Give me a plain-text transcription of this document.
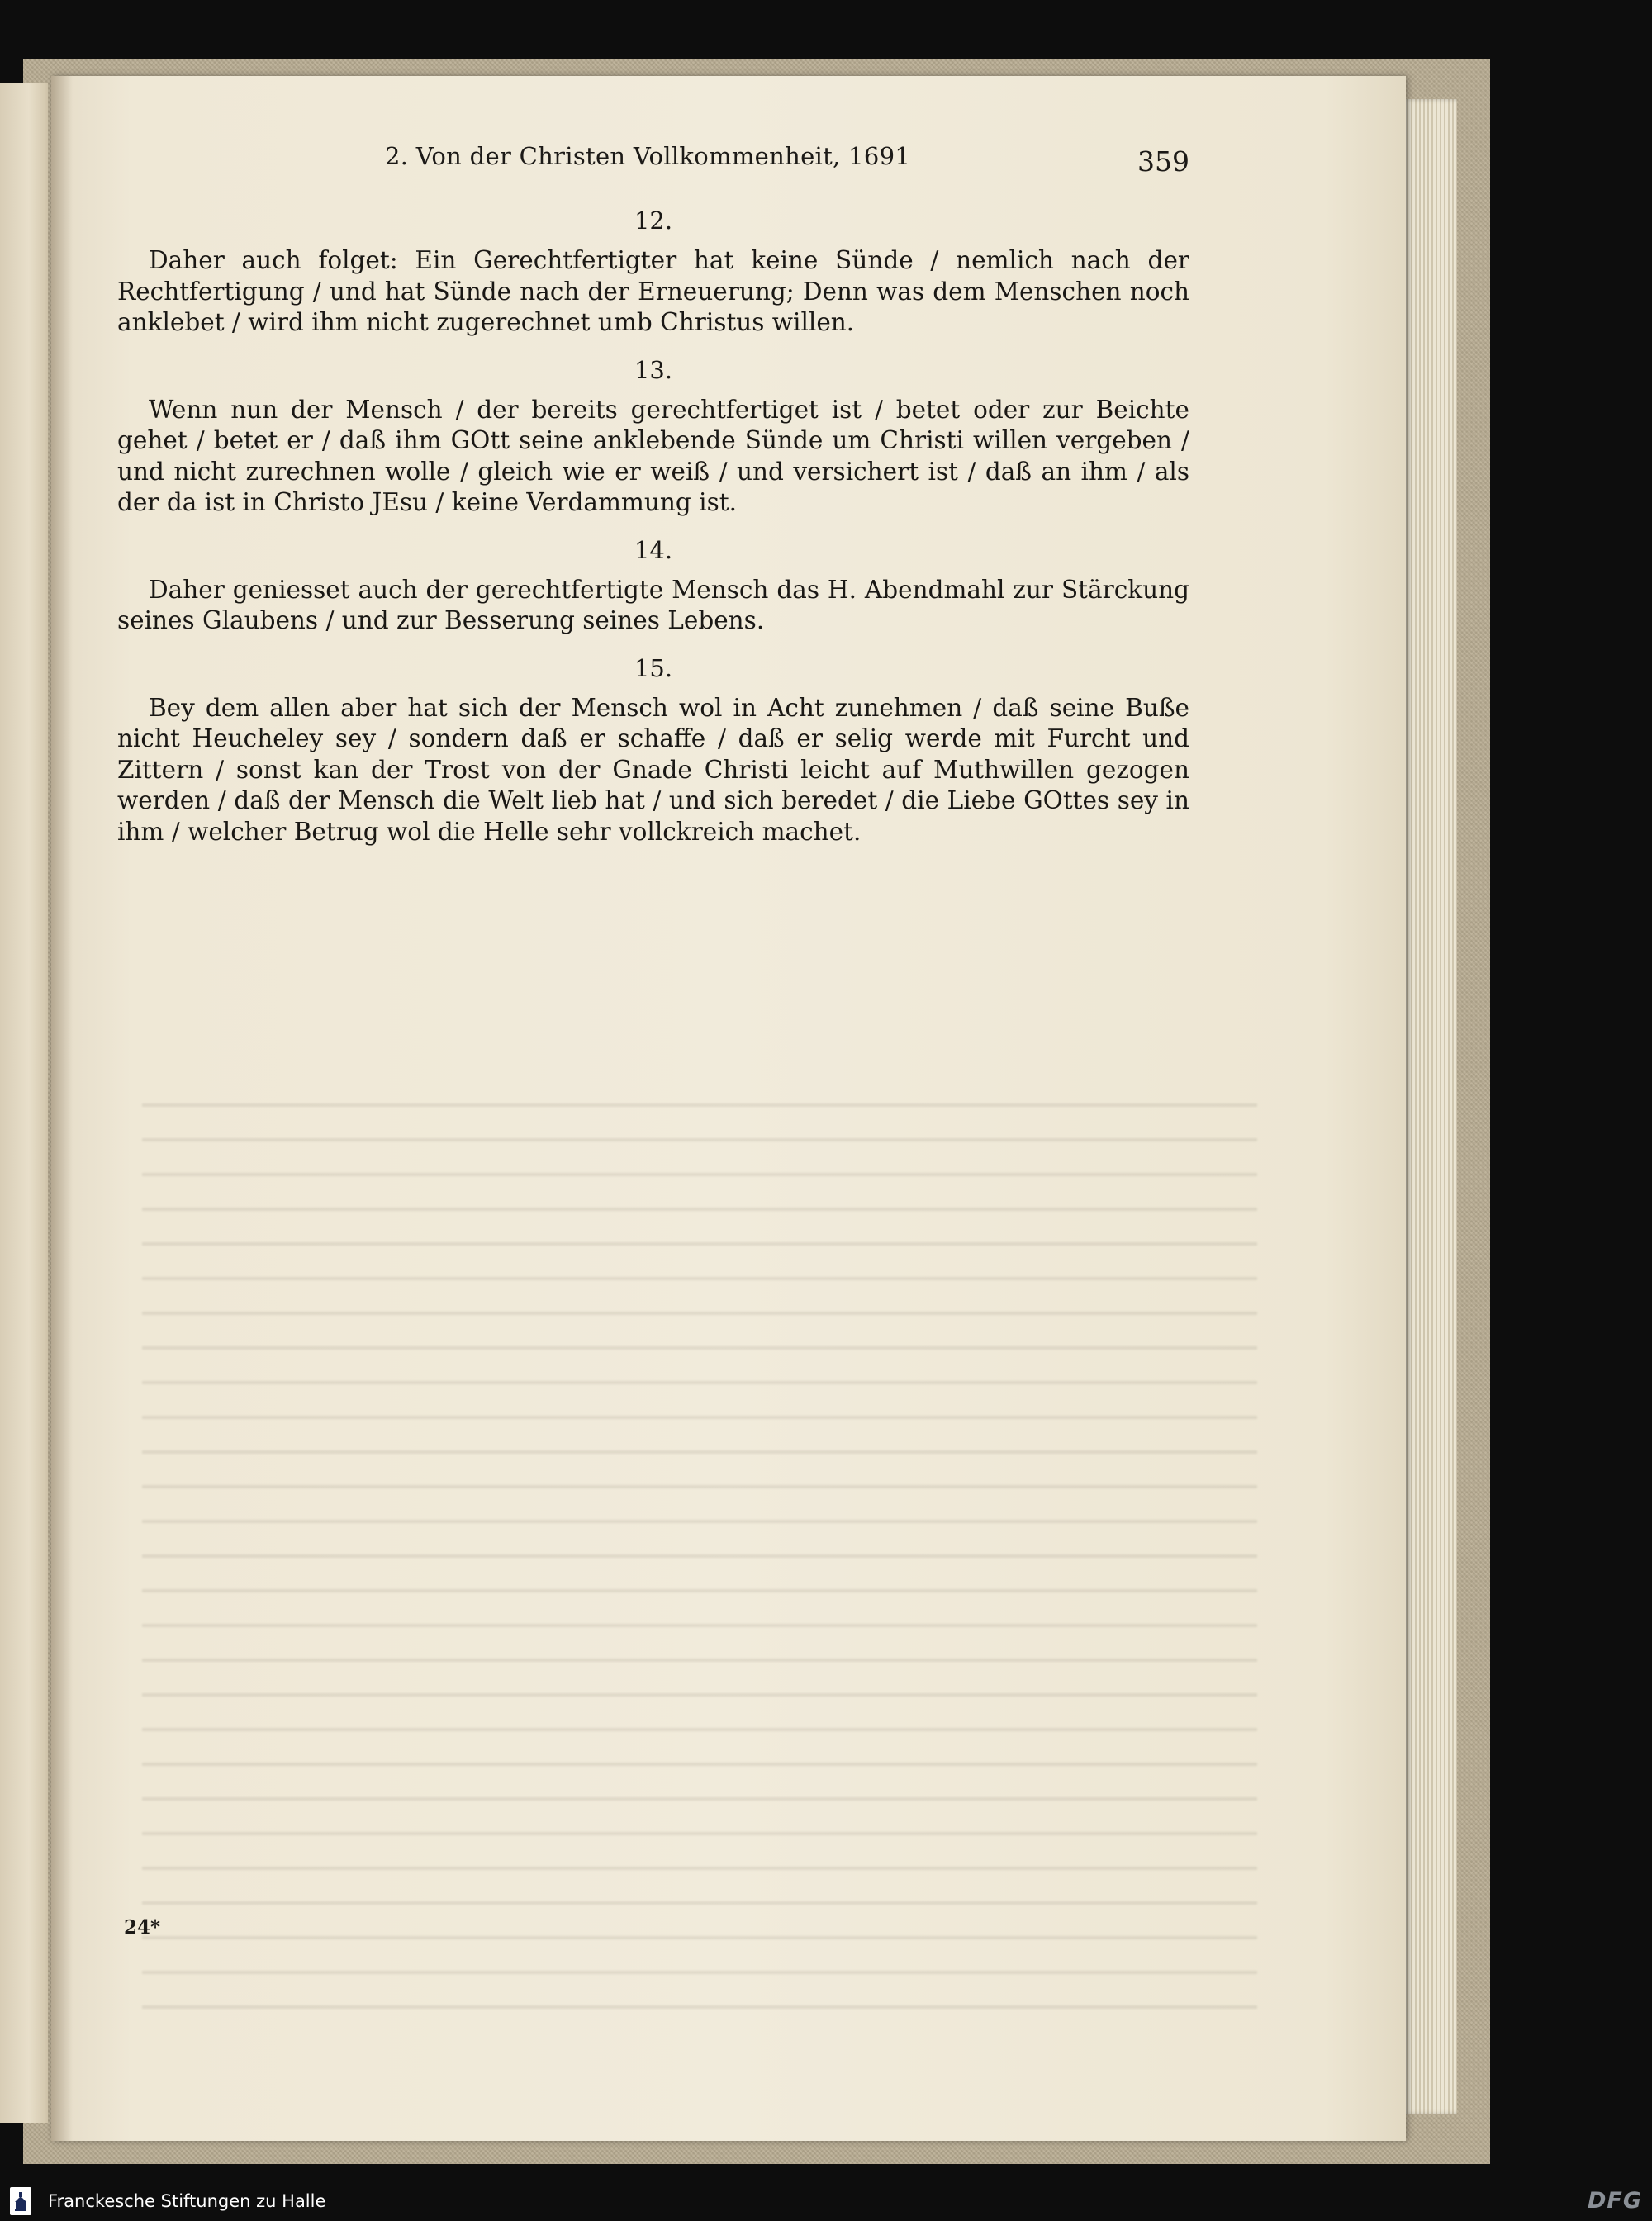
2. Von der Christen Vollkommenheit, 1691	359
12.

Daher auch folget: Ein Gerechtfertigter hat keine Sünde / nemlich nach der Rechtfertigung / und hat Sünde nach der Erneuerung; Denn was dem Menschen noch anklebet / wird ihm nicht zugerechnet umb Christus willen.

13.

Wenn nun der Mensch / der bereits gerechtfertiget ist / betet oder zur Beichte gehet / betet er / daß ihm GOtt seine anklebende Sünde um Christi willen vergeben / und nicht zurechnen wolle / gleich wie er weiß / und versichert ist / daß an ihm / als der da ist in Christo JEsu / keine Verdammung ist.

14.

Daher geniesset auch der gerechtfertigte Mensch das H. Abendmahl zur Stärckung seines Glaubens / und zur Besserung seines Lebens.

15.

Bey dem allen aber hat sich der Mensch wol in Acht zunehmen / daß seine Buße nicht Heucheley sey / sondern daß er schaffe / daß er selig werde mit Furcht und Zittern / sonst kan der Trost von der Gnade Christi leicht auf Muthwillen gezogen werden / daß der Mensch die Welt lieb hat / und sich beredet / die Liebe GOttes sey in ihm / welcher Betrug wol die Helle sehr vollckreich machet.

24*
Franckesche Stiftungen zu Halle	DFG
